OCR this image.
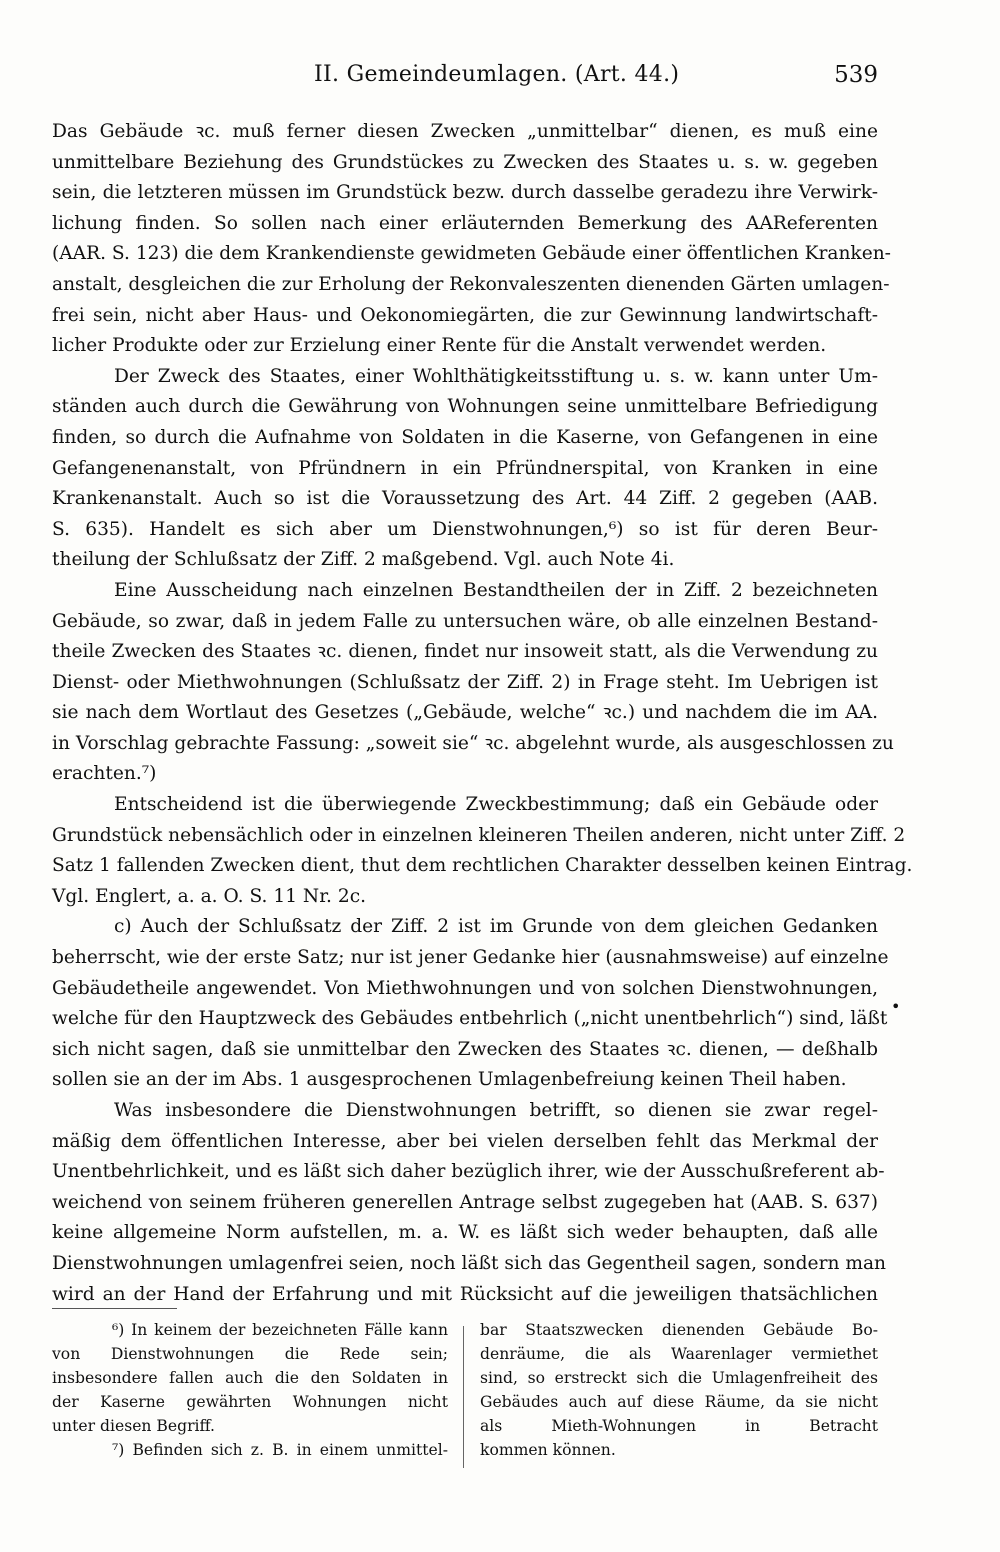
II. Gemeindeumlagen. (Art. 44.)	539
Das Gebäude ꝛc. muß ferner diesen Zwecken „unmittelbar“ dienen, es muß eine
unmittelbare Beziehung des Grundstückes zu Zwecken des Staates u. s. w. gegeben
sein, die letzteren müssen im Grundstück bezw. durch dasselbe geradezu ihre Verwirk-
lichung finden. So sollen nach einer erläuternden Bemerkung des AAReferenten
(AAR. S. 123) die dem Krankendienste gewidmeten Gebäude einer öffentlichen Kranken-
anstalt, desgleichen die zur Erholung der Rekonvaleszenten dienenden Gärten umlagen-
frei sein, nicht aber Haus- und Oekonomiegärten, die zur Gewinnung landwirtschaft-
licher Produkte oder zur Erzielung einer Rente für die Anstalt verwendet werden.
Der Zweck des Staates, einer Wohlthätigkeitsstiftung u. s. w. kann unter Um-
ständen auch durch die Gewährung von Wohnungen seine unmittelbare Befriedigung
finden, so durch die Aufnahme von Soldaten in die Kaserne, von Gefangenen in eine
Gefangenenanstalt, von Pfründnern in ein Pfründnerspital, von Kranken in eine
Krankenanstalt. Auch so ist die Voraussetzung des Art. 44 Ziff. 2 gegeben (AAB.
S. 635). Handelt es sich aber um Dienstwohnungen,⁶) so ist für deren Beur-
theilung der Schlußsatz der Ziff. 2 maßgebend. Vgl. auch Note 4i.
Eine Ausscheidung nach einzelnen Bestandtheilen der in Ziff. 2 bezeichneten
Gebäude, so zwar, daß in jedem Falle zu untersuchen wäre, ob alle einzelnen Bestand-
theile Zwecken des Staates ꝛc. dienen, findet nur insoweit statt, als die Verwendung zu
Dienst- oder Miethwohnungen (Schlußsatz der Ziff. 2) in Frage steht. Im Uebrigen ist
sie nach dem Wortlaut des Gesetzes („Gebäude, welche“ ꝛc.) und nachdem die im AA.
in Vorschlag gebrachte Fassung: „soweit sie“ ꝛc. abgelehnt wurde, als ausgeschlossen zu
erachten.⁷)
Entscheidend ist die überwiegende Zweckbestimmung; daß ein Gebäude oder
Grundstück nebensächlich oder in einzelnen kleineren Theilen anderen, nicht unter Ziff. 2
Satz 1 fallenden Zwecken dient, thut dem rechtlichen Charakter desselben keinen Eintrag.
Vgl. Englert, a. a. O. S. 11 Nr. 2c.
c) Auch der Schlußsatz der Ziff. 2 ist im Grunde von dem gleichen Gedanken
beherrscht, wie der erste Satz; nur ist jener Gedanke hier (ausnahmsweise) auf einzelne
Gebäudetheile angewendet. Von Miethwohnungen und von solchen Dienstwohnungen,
welche für den Hauptzweck des Gebäudes entbehrlich („nicht unentbehrlich“) sind, läßt
sich nicht sagen, daß sie unmittelbar den Zwecken des Staates ꝛc. dienen, — deßhalb
sollen sie an der im Abs. 1 ausgesprochenen Umlagenbefreiung keinen Theil haben.
Was insbesondere die Dienstwohnungen betrifft, so dienen sie zwar regel-
mäßig dem öffentlichen Interesse, aber bei vielen derselben fehlt das Merkmal der
Unentbehrlichkeit, und es läßt sich daher bezüglich ihrer, wie der Ausschußreferent ab-
weichend von seinem früheren generellen Antrage selbst zugegeben hat (AAB. S. 637)
keine allgemeine Norm aufstellen, m. a. W. es läßt sich weder behaupten, daß alle
Dienstwohnungen umlagenfrei seien, noch läßt sich das Gegentheil sagen, sondern man
wird an der Hand der Erfahrung und mit Rücksicht auf die jeweiligen thatsächlichen
•
⁶) In keinem der bezeichneten Fälle kann
von Dienstwohnungen die Rede sein;
insbesondere fallen auch die den Soldaten in
der Kaserne gewährten Wohnungen nicht
unter diesen Begriff.
⁷) Befinden sich z. B. in einem unmittel-
bar Staatszwecken dienenden Gebäude Bo-
denräume, die als Waarenlager vermiethet
sind, so erstreckt sich die Umlagenfreiheit des
Gebäudes auch auf diese Räume, da sie nicht
als Mieth-Wohnungen in Betracht
kommen können.
